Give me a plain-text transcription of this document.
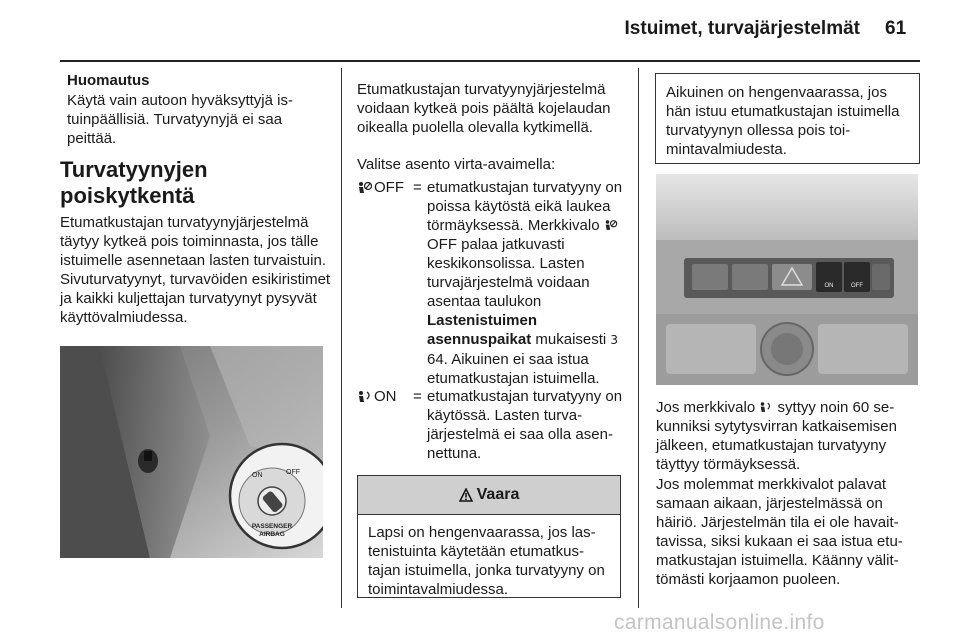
Istuimet, turvajärjestelmät 61
Huomautus
Käytä vain autoon hyväksyttyjä istuinpäällisiä. Turvatyynyjä ei saa peittää.
Turvatyynyjen poiskytkentä
Etumatkustajan turvatyynyjärjestelmä täytyy kytkeä pois toiminnasta, jos tälle istuimelle asennetaan lasten turvaistuin. Sivuturvatyynyt, turvavöiden esikiristimet ja kaikki kuljettajan turvatyynyt pysyvät käyttövalmiudessa.
ON	OFF
PASSENGER
AIRBAG
Etumatkustajan turvatyynyjärjestelmä voidaan kytkeä pois päältä kojelaudan oikealla puolella olevalla kytkimellä.
Valitse asento virta-avaimella:
OFF = etumatkustajan turvatyyny on poissa käytöstä eikä laukea törmäyksessä. Merkkivalo OFF palaa jatkuvasti keskikonsolissa. Lasten turvajärjestelmä voidaan asentaa taulukon Lastenistuimen asennuspaikat mukaisesti 3 64. Aikuinen ei saa istua etumatkustajan istuimella.
ON = etumatkustajan turvatyyny on käytössä. Lasten turvajärjestelmä ei saa olla asennettuna.
Vaara
Lapsi on hengenvaarassa, jos lastenistuinta käytetään etumatkustajan istuimella, jonka turvatyyny on toimintavalmiudessa.
Aikuinen on hengenvaarassa, jos hän istuu etumatkustajan istuimella turvatyynyn ollessa pois toimintavalmiudesta.
ON	OFF
Jos merkkivalo  syttyy noin 60 sekunniksi sytytysvirran katkaisemisen jälkeen, etumatkustajan turvatyyny täyttyy törmäyksessä.
Jos molemmat merkkivalot palavat samaan aikaan, järjestelmässä on häiriö. Järjestelmän tila ei ole havaittavissa, siksi kukaan ei saa istua etumatkustajan istuimella. Käänny välittömästi korjaamon puoleen.
carmanualsonline.info
